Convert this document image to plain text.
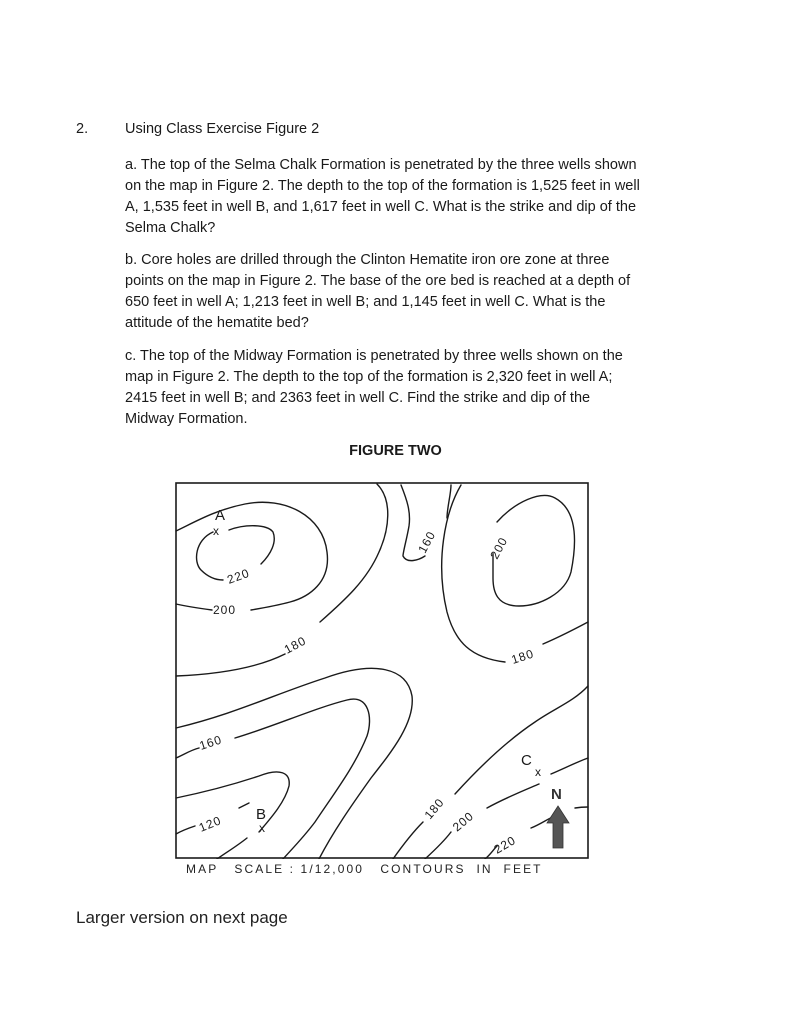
2.	Using Class Exercise Figure 2

a. The top of the Selma Chalk Formation is penetrated by the three wells shown

on the map in Figure 2. The depth to the top of the formation is 1,525 feet in well

A, 1,535 feet in well B, and 1,617 feet in well C. What is the strike and dip of the

Selma Chalk?

b. Core holes are drilled through the Clinton Hematite iron ore zone at three

points on the map in Figure 2. The base of the ore bed is reached at a depth of

650 feet in well A; 1,213 feet in well B; and 1,145 feet in well C. What is the

attitude of the hematite bed?

c. The top of the Midway Formation is penetrated by three wells shown on the

map in Figure 2. The depth to the top of the formation is 2,320 feet in well A;

2415 feet in well B; and 2363 feet in well C. Find the strike and dip of the

Midway Formation.

FIGURE TWO
220
200
180
160	200
180
160
120
180 200
220
A
x
B
x
C
x
N
MAP   SCALE : 1/12,000   CONTOURS  IN  FEET
Larger version on next page
